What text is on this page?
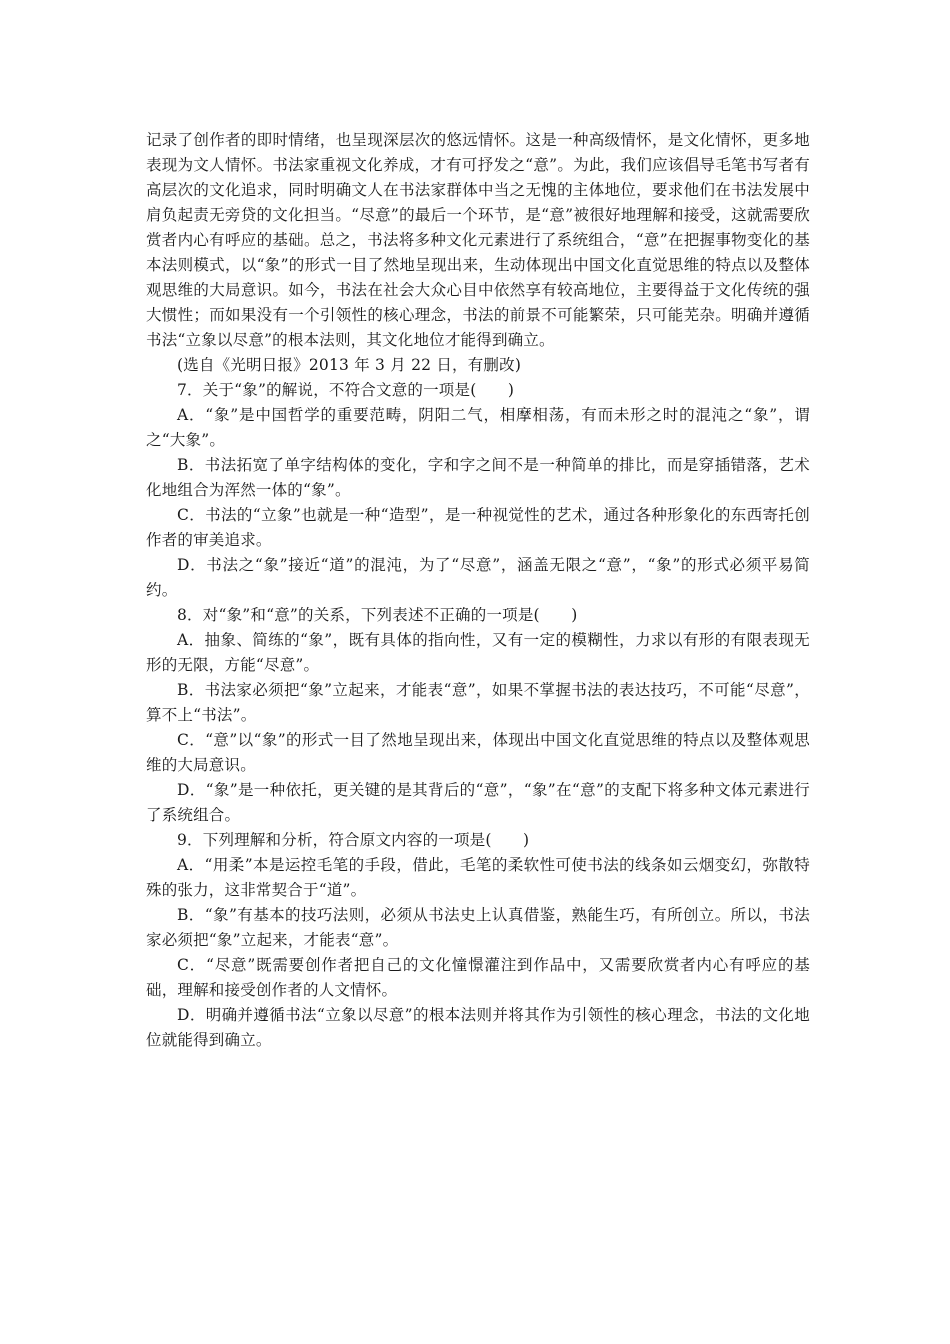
记录了创作者的即时情绪，也呈现深层次的悠远情怀。这是一种高级情怀，是文化情怀，更多地表现为文人情怀。书法家重视文化养成，才有可抒发之“意”。为此，我们应该倡导毛笔书写者有高层次的文化追求，同时明确文人在书法家群体中当之无愧的主体地位，要求他们在书法发展中肩负起责无旁贷的文化担当。“尽意”的最后一个环节，是“意”被很好地理解和接受，这就需要欣赏者内心有呼应的基础。总之，书法将多种文化元素进行了系统组合，“意”在把握事物变化的基本法则模式，以“象”的形式一目了然地呈现出来，生动体现出中国文化直觉思维的特点以及整体观思维的大局意识。如今，书法在社会大众心目中依然享有较高地位，主要得益于文化传统的强大惯性；而如果没有一个引领性的核心理念，书法的前景不可能繁荣，只可能芜杂。明确并遵循书法“立象以尽意”的根本法则，其文化地位才能得到确立。

(选自《光明日报》2013 年 3 月 22 日，有删改)

7．关于“象”的解说，不符合文意的一项是(　　)

A．“象”是中国哲学的重要范畴，阴阳二气，相摩相荡，有而未形之时的混沌之“象”，谓之“大象”。

B．书法拓宽了单字结构体的变化，字和字之间不是一种简单的排比，而是穿插错落，艺术化地组合为浑然一体的“象”。

C．书法的“立象”也就是一种“造型”，是一种视觉性的艺术，通过各种形象化的东西寄托创作者的审美追求。

D．书法之“象”接近“道”的混沌，为了“尽意”，涵盖无限之“意”，“象”的形式必须平易简约。

8．对“象”和“意”的关系，下列表述不正确的一项是(　　)

A．抽象、简练的“象”，既有具体的指向性，又有一定的模糊性，力求以有形的有限表现无形的无限，方能“尽意”。

B．书法家必须把“象”立起来，才能表“意”，如果不掌握书法的表达技巧，不可能“尽意”，算不上“书法”。

C．“意”以“象”的形式一目了然地呈现出来，体现出中国文化直觉思维的特点以及整体观思维的大局意识。

D．“象”是一种依托，更关键的是其背后的“意”，“象”在“意”的支配下将多种文体元素进行了系统组合。

9．下列理解和分析，符合原文内容的一项是(　　)

A．“用柔”本是运控毛笔的手段，借此，毛笔的柔软性可使书法的线条如云烟变幻，弥散特殊的张力，这非常契合于“道”。

B．“象”有基本的技巧法则，必须从书法史上认真借鉴，熟能生巧，有所创立。所以，书法家必须把“象”立起来，才能表“意”。

C．“尽意”既需要创作者把自己的文化憧憬灌注到作品中，又需要欣赏者内心有呼应的基础，理解和接受创作者的人文情怀。

D．明确并遵循书法“立象以尽意”的根本法则并将其作为引领性的核心理念，书法的文化地位就能得到确立。
